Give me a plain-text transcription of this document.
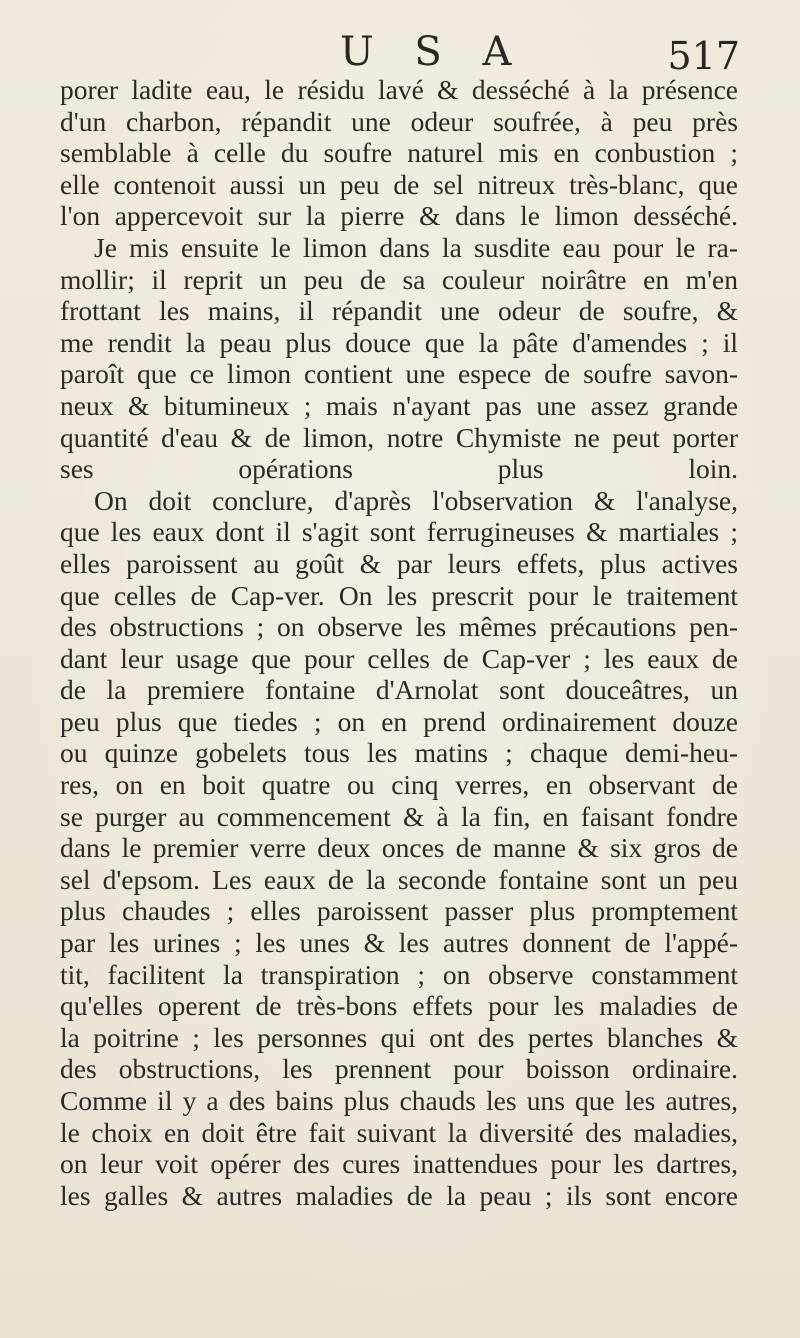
U S A	517
porer ladite eau, le résidu lavé & desséché à la présence
d'un charbon, répandit une odeur soufrée, à peu près
semblable à celle du soufre naturel mis en conbustion ;
elle contenoit aussi un peu de sel nitreux très-blanc, que
l'on appercevoit sur la pierre & dans le limon desséché.
Je mis ensuite le limon dans la susdite eau pour le ra-
mollir; il reprit un peu de sa couleur noirâtre en m'en
frottant les mains, il répandit une odeur de soufre, &
me rendit la peau plus douce que la pâte d'amendes ; il
paroît que ce limon contient une espece de soufre savon-
neux & bitumineux ; mais n'ayant pas une assez grande
quantité d'eau & de limon, notre Chymiste ne peut porter
ses opérations plus loin.
On doit conclure, d'après l'observation & l'analyse,
que les eaux dont il s'agit sont ferrugineuses & martiales ;
elles paroissent au goût & par leurs effets, plus actives
que celles de Cap-ver. On les prescrit pour le traitement
des obstructions ; on observe les mêmes précautions pen-
dant leur usage que pour celles de Cap-ver ; les eaux de
de la premiere fontaine d'Arnolat sont douceâtres, un
peu plus que tiedes ; on en prend ordinairement douze
ou quinze gobelets tous les matins ; chaque demi-heu-
res, on en boit quatre ou cinq verres, en observant de
se purger au commencement & à la fin, en faisant fondre
dans le premier verre deux onces de manne & six gros de
sel d'epsom. Les eaux de la seconde fontaine sont un peu
plus chaudes ; elles paroissent passer plus promptement
par les urines ; les unes & les autres donnent de l'appé-
tit, facilitent la transpiration ; on observe constamment
qu'elles operent de très-bons effets pour les maladies de
la poitrine ; les personnes qui ont des pertes blanches &
des obstructions, les prennent pour boisson ordinaire.
Comme il y a des bains plus chauds les uns que les autres,
le choix en doit être fait suivant la diversité des maladies,
on leur voit opérer des cures inattendues pour les dartres,
les galles & autres maladies de la peau ; ils sont encore
